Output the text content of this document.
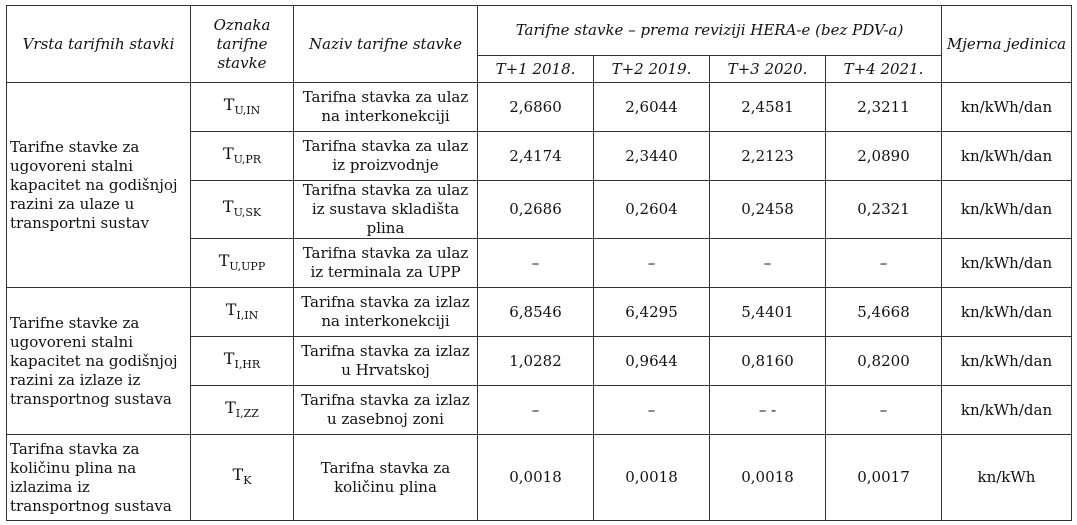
Vrsta tarifnih stavki	Oznaka tarifne stavke	Naziv tarifne stavke	Tarifne stavke – prema reviziji HERA-e (bez PDV-a)				Mjerna jedinica
			T+1 2018.	T+2 2019.	T+3 2020.	T+4 2021.	
Tarifne stavke za ugovoreni stalni kapacitet na godišnjoj razini za ulaze u transportni sustav	$T_{U,IN}$	Tarifna stavka za ulaz na interkonekciji	2,6860	2,6044	2,4581	2,3211	kn/kWh/dan
	$T_{U,PR}$	Tarifna stavka za ulaz iz proizvodnje	2,4174	2,3440	2,2123	2,0890	kn/kWh/dan
	$T_{U,SK}$	Tarifna stavka za ulaz iz sustava skladišta plina	0,2686	0,2604	0,2458	0,2321	kn/kWh/dan
	$T_{U,UPP}$	Tarifna stavka za ulaz iz terminala za UPP	–	–	–	–	kn/kWh/dan
Tarifne stavke za ugovoreni stalni kapacitet na godišnjoj razini za izlaze iz transportnog sustava	$T_{I,IN}$	Tarifna stavka za izlaz na interkonekciji	6,8546	6,4295	5,4401	5,4668	kn/kWh/dan
	$T_{I,HR}$	Tarifna stavka za izlaz u Hrvatskoj	1,0282	0,9644	0,8160	0,8200	kn/kWh/dan
	$T_{I,ZZ}$	Tarifna stavka za izlaz u zasebnoj zoni	–	–	– -	–	kn/kWh/dan
Tarifna stavka za količinu plina na izlazima iz transportnog sustava	$T_K$	Tarifna stavka za količinu plina	0,0018	0,0018	0,0018	0,0017	kn/kWh
